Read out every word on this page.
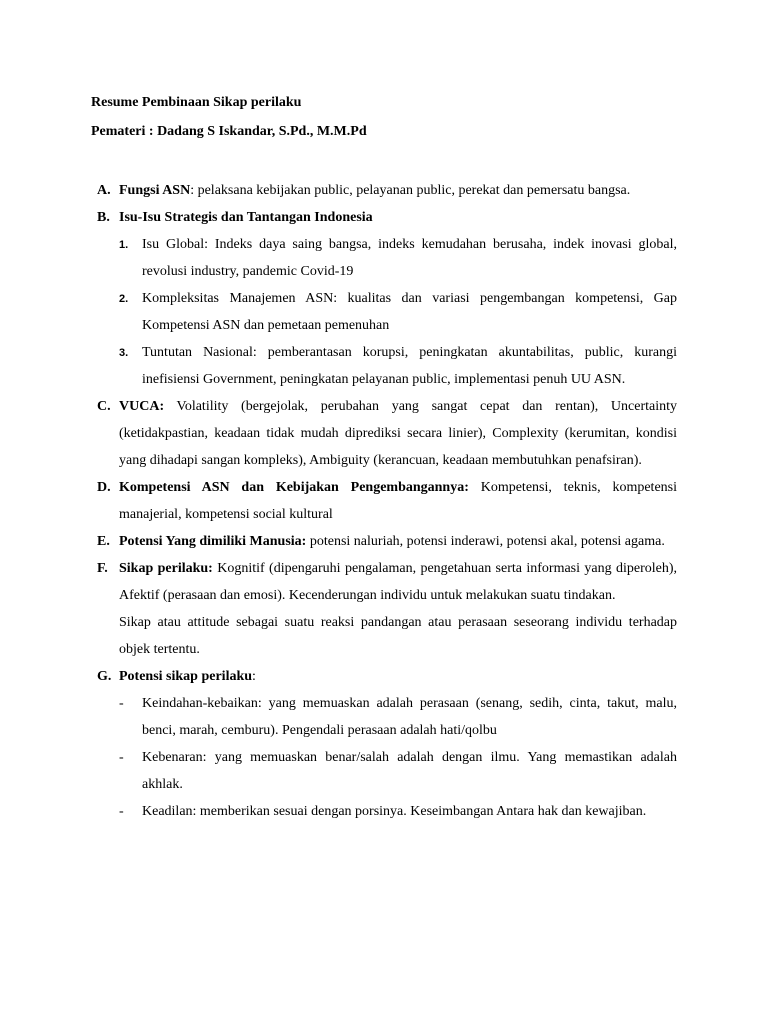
Resume Pembinaan Sikap perilaku
Pemateri : Dadang S Iskandar, S.Pd., M.M.Pd
A. Fungsi ASN: pelaksana kebijakan public, pelayanan public, perekat dan pemersatu bangsa.
B. Isu-Isu Strategis dan Tantangan Indonesia
1. Isu Global: Indeks daya saing bangsa, indeks kemudahan berusaha, indek inovasi global, revolusi industry, pandemic Covid-19
2. Kompleksitas Manajemen ASN: kualitas dan variasi pengembangan kompetensi, Gap Kompetensi ASN dan pemetaan pemenuhan
3. Tuntutan Nasional: pemberantasan korupsi, peningkatan akuntabilitas, public, kurangi inefisiensi Government, peningkatan pelayanan public, implementasi penuh UU ASN.
C. VUCA: Volatility (bergejolak, perubahan yang sangat cepat dan rentan), Uncertainty (ketidakpastian, keadaan tidak mudah diprediksi secara linier), Complexity (kerumitan, kondisi yang dihadapi sangan kompleks), Ambiguity (kerancuan, keadaan membutuhkan penafsiran).
D. Kompetensi ASN dan Kebijakan Pengembangannya: Kompetensi, teknis, kompetensi manajerial, kompetensi social kultural
E. Potensi Yang dimiliki Manusia: potensi naluriah, potensi inderawi, potensi akal, potensi agama.
F. Sikap perilaku: Kognitif (dipengaruhi pengalaman, pengetahuan serta informasi yang diperoleh), Afektif (perasaan dan emosi). Kecenderungan individu untuk melakukan suatu tindakan.
Sikap atau attitude sebagai suatu reaksi pandangan atau perasaan seseorang individu terhadap objek tertentu.
G. Potensi sikap perilaku:
- Keindahan-kebaikan: yang memuaskan adalah perasaan (senang, sedih, cinta, takut, malu, benci, marah, cemburu). Pengendali perasaan adalah hati/qolbu
- Kebenaran: yang memuaskan benar/salah adalah dengan ilmu. Yang memastikan adalah akhlak.
- Keadilan: memberikan sesuai dengan porsinya. Keseimbangan Antara hak dan kewajiban.
